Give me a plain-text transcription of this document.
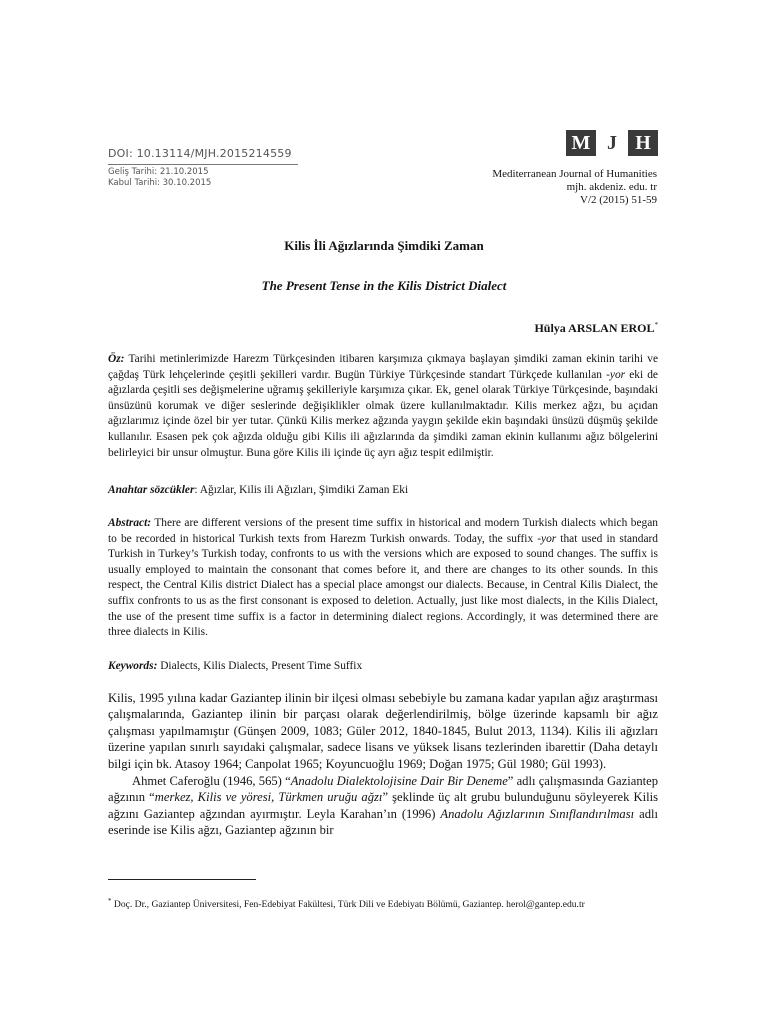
DOI: 10.13114/MJH.2015214559
Geliş Tarihi: 21.10.2015
Kabul Tarihi: 30.10.2015
M J H
Mediterranean Journal of Humanities
mjh. akdeniz. edu. tr
V/2 (2015) 51-59
Kilis İli Ağızlarında Şimdiki Zaman
The Present Tense in the Kilis District Dialect
Hülya ARSLAN EROL*

Öz: Tarihi metinlerimizde Harezm Türkçesinden itibaren karşımıza çıkmaya başlayan şimdiki zaman ekinin tarihi ve çağdaş Türk lehçelerinde çeşitli şekilleri vardır. Bugün Türkiye Türkçesinde standart Türkçede kullanılan -yor eki de ağızlarda çeşitli ses değişmelerine uğramış şekilleriyle karşımıza çıkar. Ek, genel olarak Türkiye Türkçesinde, başındaki ünsüzünü korumak ve diğer seslerinde değişiklikler olmak üzere kullanılmaktadır. Kilis merkez ağzı, bu açıdan ağızlarımız içinde özel bir yer tutar. Çünkü Kilis merkez ağzında yaygın şekilde ekin başındaki ünsüzü düşmüş şekilde kullanılır. Esasen pek çok ağızda olduğu gibi Kilis ili ağızlarında da şimdiki zaman ekinin kullanımı ağız bölgelerini belirleyici bir unsur olmuştur. Buna göre Kilis ili içinde üç ayrı ağız tespit edilmiştir.

Anahtar sözcükler: Ağızlar, Kilis ili Ağızları, Şimdiki Zaman Eki

Abstract: There are different versions of the present time suffix in historical and modern Turkish dialects which began to be recorded in historical Turkish texts from Harezm Turkish onwards. Today, the suffix -yor that used in standard Turkish in Turkey’s Turkish today, confronts to us with the versions which are exposed to sound changes. The suffix is usually employed to maintain the consonant that comes before it, and there are changes to its other sounds. In this respect, the Central Kilis district Dialect has a special place amongst our dialects. Because, in Central Kilis Dialect, the suffix confronts to us as the first consonant is exposed to deletion. Actually, just like most dialects, in the Kilis Dialect, the use of the present time suffix is a factor in determining dialect regions. Accordingly, it was determined there are three dialects in Kilis.

Keywords: Dialects, Kilis Dialects, Present Time Suffix

Kilis, 1995 yılına kadar Gaziantep ilinin bir ilçesi olması sebebiyle bu zamana kadar yapılan ağız araştırması çalışmalarında, Gaziantep ilinin bir parçası olarak değerlendirilmiş, bölge üzerinde kapsamlı bir ağız çalışması yapılmamıştır (Günşen 2009, 1083; Güler 2012, 1840-1845, Bulut 2013, 1134). Kilis ili ağızları üzerine yapılan sınırlı sayıdaki çalışmalar, sadece lisans ve yüksek lisans tezlerinden ibarettir (Daha detaylı bilgi için bk. Atasoy 1964; Canpolat 1965; Koyuncuoğlu 1969; Doğan 1975; Gül 1980; Gül 1993).

Ahmet Caferoğlu (1946, 565) “Anadolu Dialektolojisine Dair Bir Deneme” adlı çalışmasında Gaziantep ağzının “merkez, Kilis ve yöresi, Türkmen uruğu ağzı” şeklinde üç alt grubu bulunduğunu söyleyerek Kilis ağzını Gaziantep ağzından ayırmıştır. Leyla Karahan’ın (1996) Anadolu Ağızlarının Sınıflandırılması adlı eserinde ise Kilis ağzı, Gaziantep ağzının bir

* Doç. Dr., Gaziantep Üniversitesi, Fen-Edebiyat Fakültesi, Türk Dili ve Edebiyatı Bölümü, Gaziantep. herol@gantep.edu.tr
